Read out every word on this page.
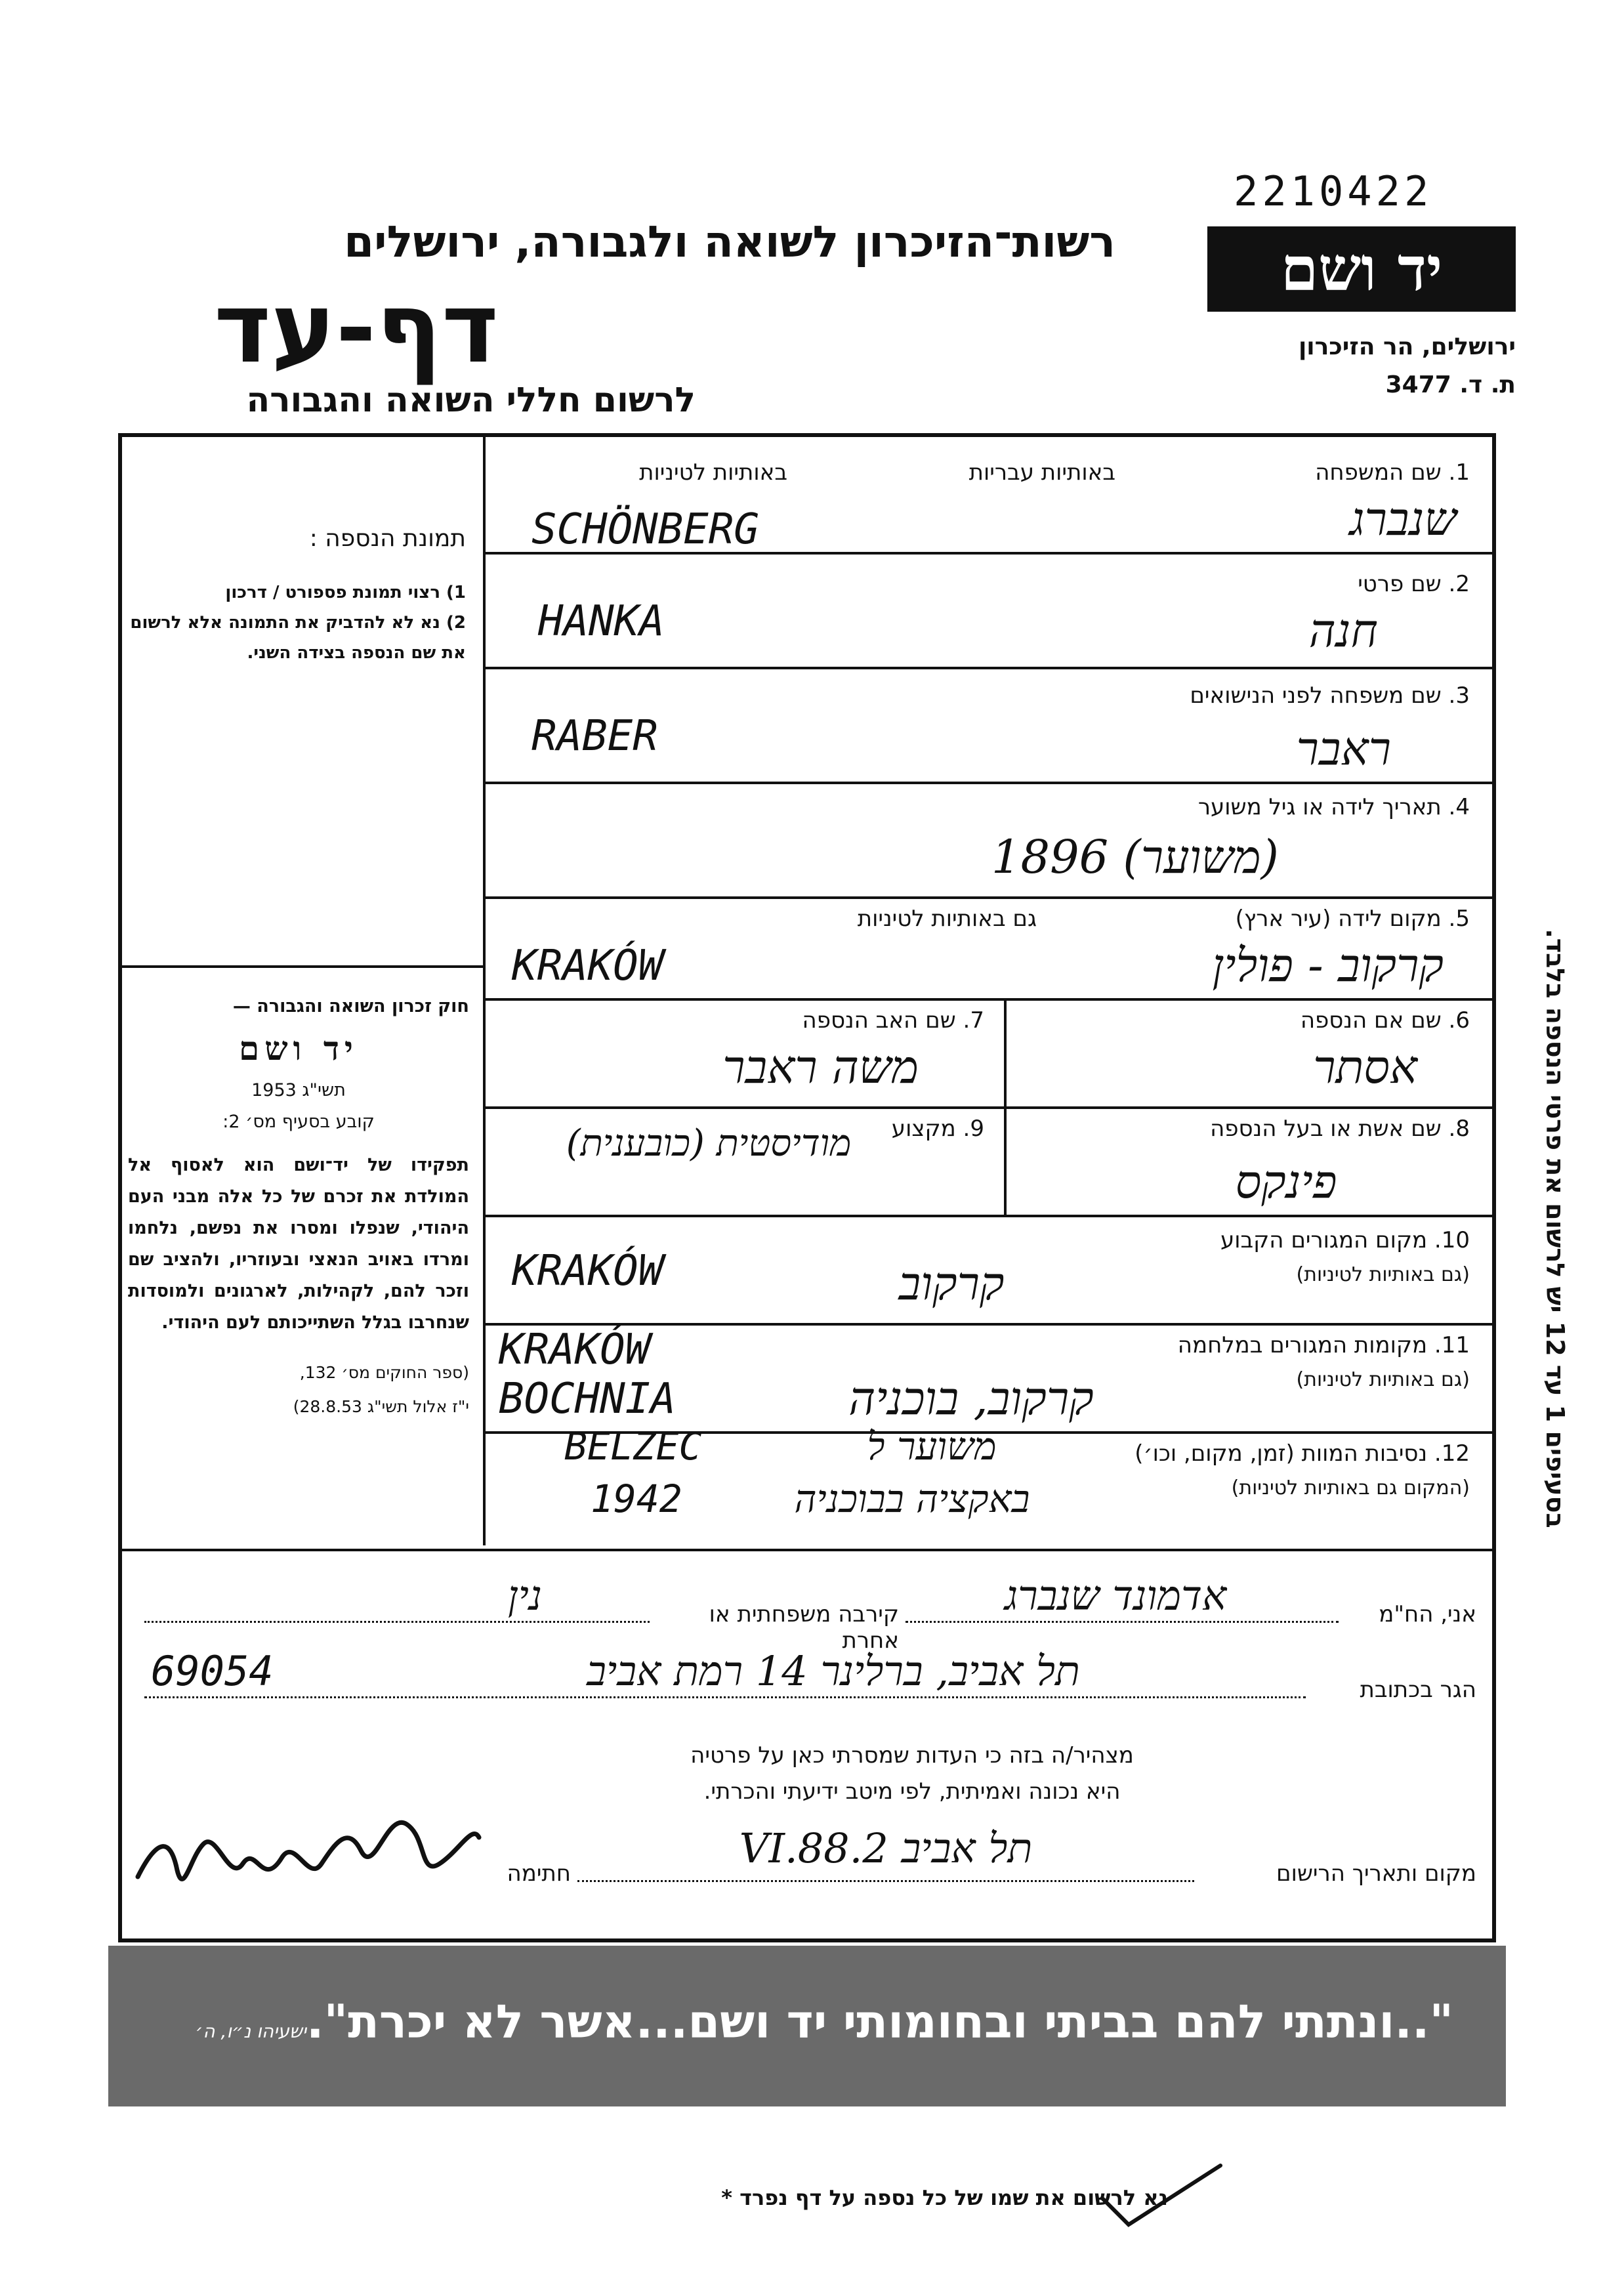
2210422
יד ושם
ירושלים, הר הזיכרון
ת. ד. 3477
רשות־הזיכרון לשואה ולגבורה, ירושלים
דף-עד
לרשום חללי השואה והגבורה
תמונת הנספה :
1) רצוי תמונת פספורט / דרכון
2) נא לא להדביק את התמונה אלא לרשום את שם הנספה בצידה השני.
חוק זכרון השואה והגבורה —
יד ושם
תשי"ג 1953
קובע בסעיף מס׳ 2:
תפקידו של יד־ושם הוא לאסוף אל המולדת את זכרם של כל אלה מבני העם היהודי, שנפלו ומסרו את נפשם, נלחמו ומרדו באויב הנאצי ובעוזריו, ולהציב שם וזכר להם, לקהילות, לארגונים ולמוסדות שנחרבו בגלל השתייכותם לעם היהודי.
(ספר החוקים מס׳ 132,
י"ז אלול תשי"ג 28.8.53)
1. שם המשפחה
באותיות עבריות
באותיות לטיניות
SCHÖNBERG	שנברג
2. שם פרטי
HANKA	חנה
3. שם משפחה לפני הנישואים
RABER	ראבר
4. תאריך לידה או גיל משוער
(משוער) 1896
5. מקום לידה (עיר ארץ)
גם באותיות לטיניות
KRAKÓW	קרקוב - פולין
6. שם אם הנספה
אסתר
7. שם האב הנספה
משה ראבר
8. שם אשת או בעל הנספה
פינקס
9. מקצוע
מודיסטית (כובענית)
10. מקום המגורים הקבוע
(גם באותיות לטיניות)
KRAKÓW	קרקוב
11. מקומות המגורים במלחמה
(גם באותיות לטיניות)
KRAKÓW
BOCHNIA	קרקוב, בוכניה
12. נסיבות המוות (זמן, מקום, וכו׳)
(המקום גם באותיות לטיניות)
BELZEC
1942
משוער ל
באקציה בבוכניה
אני, הח"מ
אדמונד שנברג
קירבה משפחתית או אחרת
נין
הגר בכתובת
תל אביב, ברלינר 14 רמת אביב
69054
מצהיר/ה בזה כי העדות שמסרתי כאן על פרטיה
היא נכונה ואמיתית, לפי מיטב ידיעתי והכרתי.
מקום ותאריך הרישום
תל אביב 2.VI.88
חתימה
"..ונתתי להם בביתי ובחומותי יד ושם...אשר לא יכרת".ישעיהו נ״ו, ה׳
נא לרשום את שמו של כל נספה על דף נפרד *
בסעיפים 1 עד 12 יש לרשום את פרטי הנספה בלבד.
